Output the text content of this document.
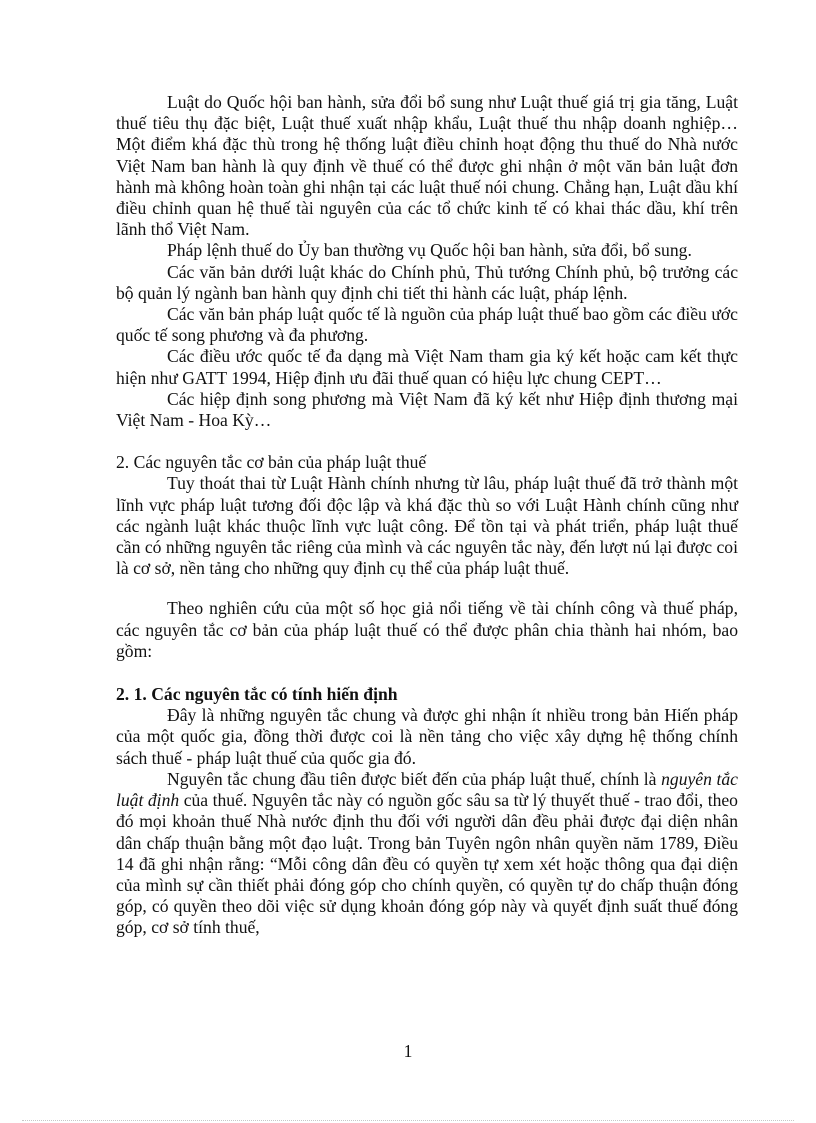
Luật do Quốc hội ban hành, sửa đổi bổ sung như Luật thuế giá trị gia tăng, Luật thuế tiêu thụ đặc biệt, Luật thuế xuất nhập khẩu, Luật thuế thu nhập doanh nghiệp… Một điểm khá đặc thù trong hệ thống luật điều chỉnh hoạt động thu thuế do Nhà nước Việt Nam ban hành là quy định về thuế có thể được ghi nhận ở một văn bản luật đơn hành mà không hoàn toàn ghi nhận tại các luật thuế nói chung. Chẳng hạn, Luật dầu khí điều chỉnh quan hệ thuế tài nguyên của các tổ chức kinh tế có khai thác dầu, khí trên lãnh thổ Việt Nam.

Pháp lệnh thuế do Ủy ban thường vụ Quốc hội ban hành, sửa đổi, bổ sung.

Các văn bản dưới luật khác do Chính phủ, Thủ tướng Chính phủ, bộ trưởng các bộ quản lý ngành ban hành quy định chi tiết thi hành các luật, pháp lệnh.

Các văn bản pháp luật quốc tế là nguồn của pháp luật thuế bao gồm các điều ước quốc tế song phương và đa phương.

Các điều ước quốc tế đa dạng mà Việt Nam tham gia ký kết hoặc cam kết thực hiện như GATT 1994, Hiệp định ưu đãi thuế quan có hiệu lực chung CEPT…

Các hiệp định song phương mà Việt Nam đã ký kết như Hiệp định thương mại Việt Nam - Hoa Kỳ…

2. Các nguyên tắc cơ bản của pháp luật thuế

Tuy thoát thai từ Luật Hành chính nhưng từ lâu, pháp luật thuế đã trở thành một lĩnh vực pháp luật tương đối độc lập và khá đặc thù so với Luật Hành chính cũng như các ngành luật khác thuộc lĩnh vực luật công. Để tồn tại và phát triển, pháp luật thuế cần có những nguyên tắc riêng của mình và các nguyên tắc này, đến lượt nú lại được coi là cơ sở, nền tảng cho những quy định cụ thể của pháp luật thuế.

Theo nghiên cứu của một số học giả nổi tiếng về tài chính công và thuế pháp, các nguyên tắc cơ bản của pháp luật thuế có thể được phân chia thành hai nhóm, bao gồm:

2. 1. Các nguyên tắc có tính hiến định

Đây là những nguyên tắc chung và được ghi nhận ít nhiều trong bản Hiến pháp của một quốc gia, đồng thời được coi là nền tảng cho việc xây dựng hệ thống chính sách thuế - pháp luật thuế của quốc gia đó.

Nguyên tắc chung đầu tiên được biết đến của pháp luật thuế, chính là nguyên tắc luật định của thuế. Nguyên tắc này có nguồn gốc sâu sa từ lý thuyết thuế - trao đổi, theo đó mọi khoản thuế Nhà nước định thu đối với người dân đều phải được đại diện nhân dân chấp thuận bằng một đạo luật. Trong bản Tuyên ngôn nhân quyền năm 1789, Điều 14 đã ghi nhận rằng: “Mỗi công dân đều có quyền tự xem xét hoặc thông qua đại diện của mình sự cần thiết phải đóng góp cho chính quyền, có quyền tự do chấp thuận đóng góp, có quyền theo dõi việc sử dụng khoản đóng góp này và quyết định suất thuế đóng góp, cơ sở tính thuế,

1
